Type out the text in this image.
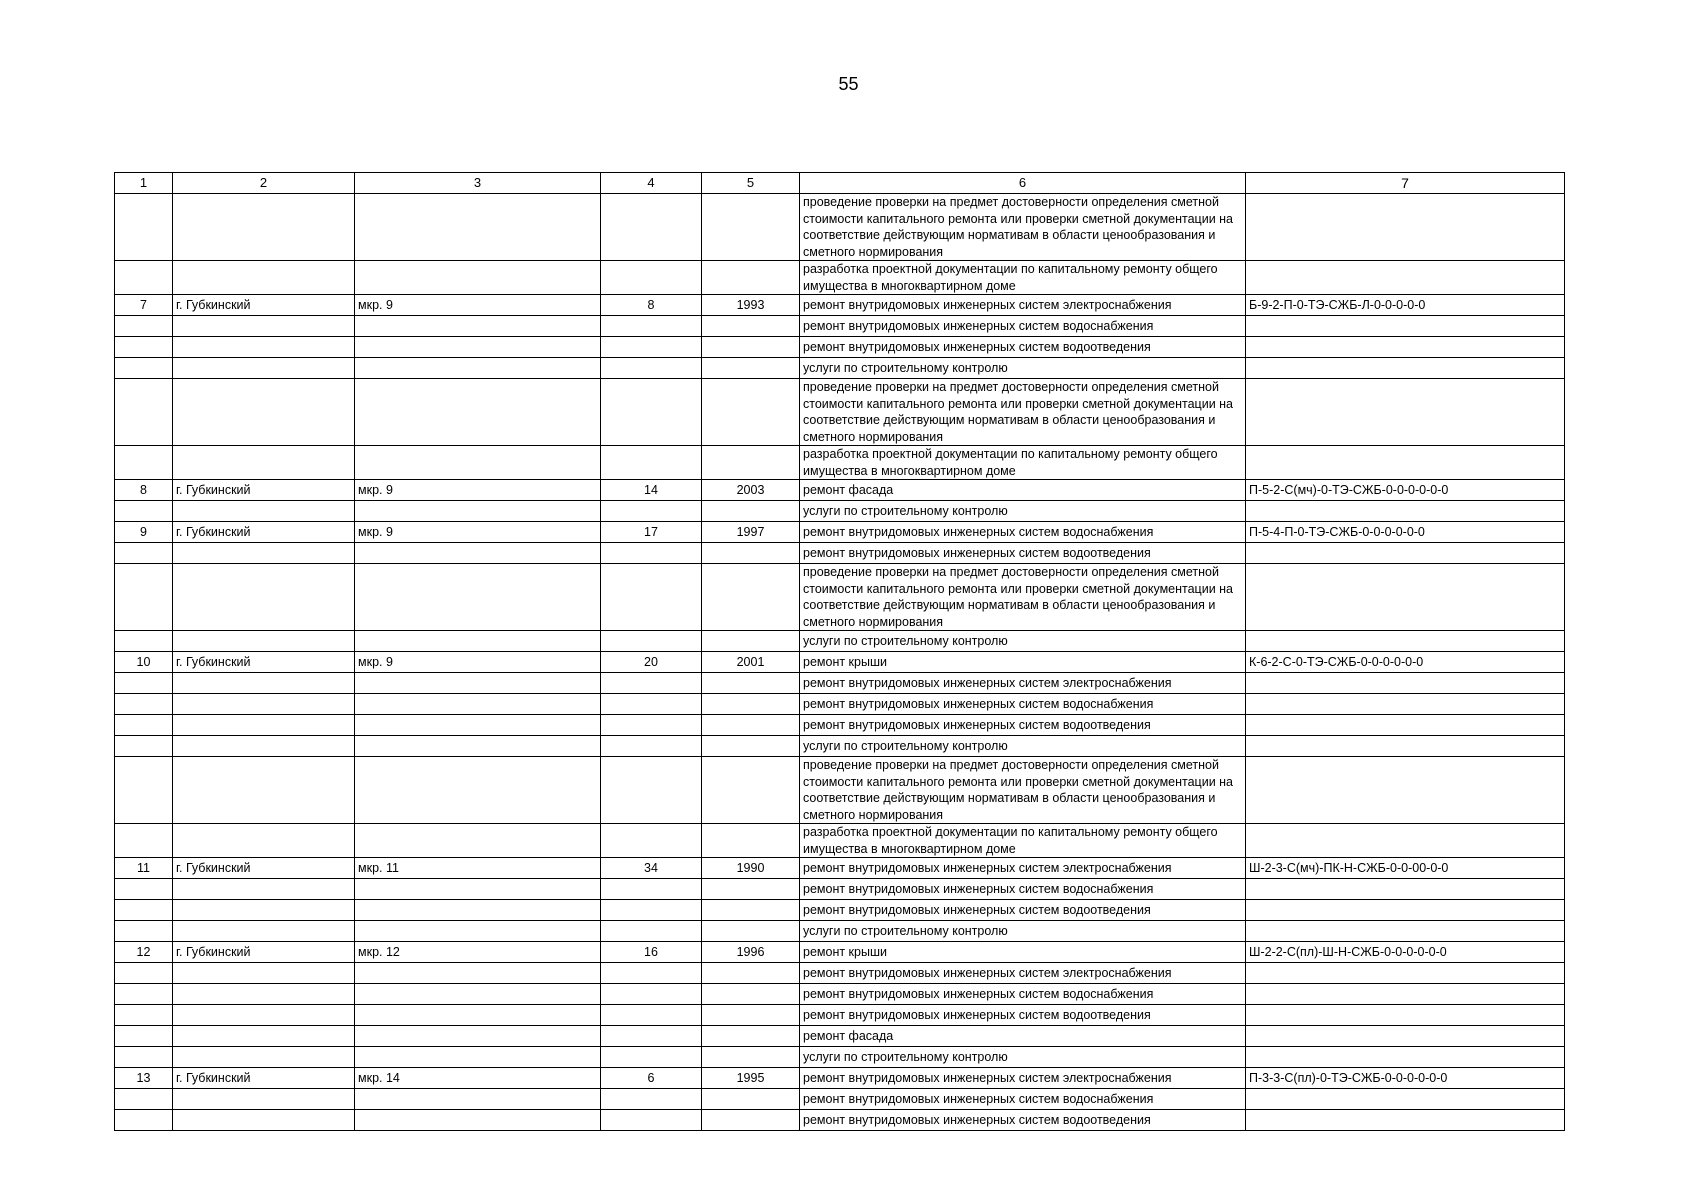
55
1	2	3	4	5	6	7
					проведение проверки на предмет достоверности определения сметной стоимости капитального ремонта или проверки сметной документации на соответствие действующим нормативам в области ценообразования и сметного нормирования	
					разработка проектной документации по капитальному ремонту общего имущества в многоквартирном доме	
7	г. Губкинский	мкр. 9	8	1993	ремонт внутридомовых инженерных систем электроснабжения	Б-9-2-П-0-ТЭ-СЖБ-Л-0-0-0-0-0
					ремонт внутридомовых инженерных систем водоснабжения	
					ремонт внутридомовых инженерных систем водоотведения	
					услуги по строительному контролю	
					проведение проверки на предмет достоверности определения сметной стоимости капитального ремонта или проверки сметной документации на соответствие действующим нормативам в области ценообразования и сметного нормирования	
					разработка проектной документации по капитальному ремонту общего имущества в многоквартирном доме	
8	г. Губкинский	мкр. 9	14	2003	ремонт фасада	П-5-2-С(мч)-0-ТЭ-СЖБ-0-0-0-0-0-0
					услуги по строительному контролю	
9	г. Губкинский	мкр. 9	17	1997	ремонт внутридомовых инженерных систем водоснабжения	П-5-4-П-0-ТЭ-СЖБ-0-0-0-0-0-0
					ремонт внутридомовых инженерных систем водоотведения	
					проведение проверки на предмет достоверности определения сметной стоимости капитального ремонта или проверки сметной документации на соответствие действующим нормативам в области ценообразования и сметного нормирования	
					услуги по строительному контролю	
10	г. Губкинский	мкр. 9	20	2001	ремонт крыши	К-6-2-С-0-ТЭ-СЖБ-0-0-0-0-0-0
					ремонт внутридомовых инженерных систем электроснабжения	
					ремонт внутридомовых инженерных систем водоснабжения	
					ремонт внутридомовых инженерных систем водоотведения	
					услуги по строительному контролю	
					проведение проверки на предмет достоверности определения сметной стоимости капитального ремонта или проверки сметной документации на соответствие действующим нормативам в области ценообразования и сметного нормирования	
					разработка проектной документации по капитальному ремонту общего имущества в многоквартирном доме	
11	г. Губкинский	мкр. 11	34	1990	ремонт внутридомовых инженерных систем электроснабжения	Ш-2-3-С(мч)-ПК-Н-СЖБ-0-0-00-0-0
					ремонт внутридомовых инженерных систем водоснабжения	
					ремонт внутридомовых инженерных систем водоотведения	
					услуги по строительному контролю	
12	г. Губкинский	мкр. 12	16	1996	ремонт крыши	Ш-2-2-С(пл)-Ш-Н-СЖБ-0-0-0-0-0-0
					ремонт внутридомовых инженерных систем электроснабжения	
					ремонт внутридомовых инженерных систем водоснабжения	
					ремонт внутридомовых инженерных систем водоотведения	
					ремонт фасада	
					услуги по строительному контролю	
13	г. Губкинский	мкр. 14	6	1995	ремонт внутридомовых инженерных систем электроснабжения	П-3-3-С(пл)-0-ТЭ-СЖБ-0-0-0-0-0-0
					ремонт внутридомовых инженерных систем водоснабжения	
					ремонт внутридомовых инженерных систем водоотведения	
